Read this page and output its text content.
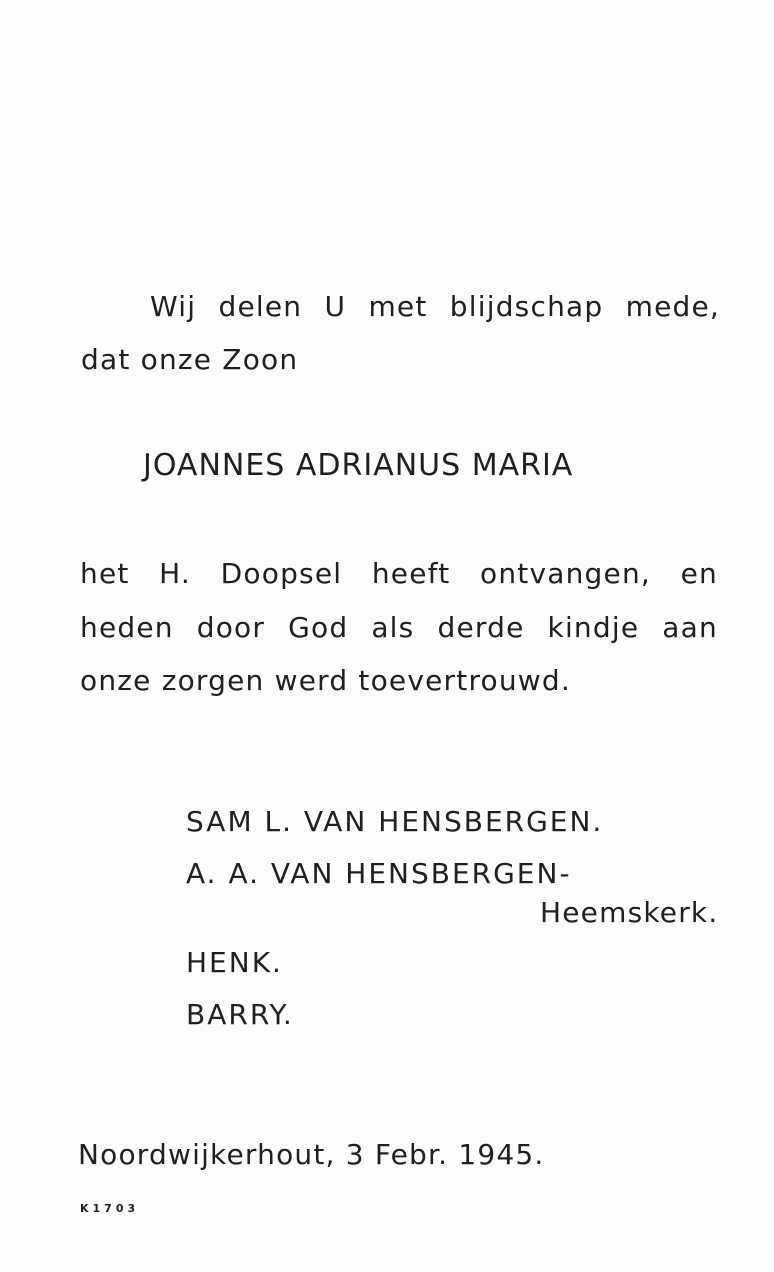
Wij delen U met blijdschap mede,
dat onze Zoon
JOANNES ADRIANUS MARIA
het H. Doopsel heeft ontvangen, en
heden door God als derde kindje aan
onze zorgen werd toevertrouwd.
SAM L. VAN HENSBERGEN.
A. A. VAN HENSBERGEN-
Heemskerk.
HENK.
BARRY.
Noordwijkerhout, 3 Febr. 1945.
K1703
